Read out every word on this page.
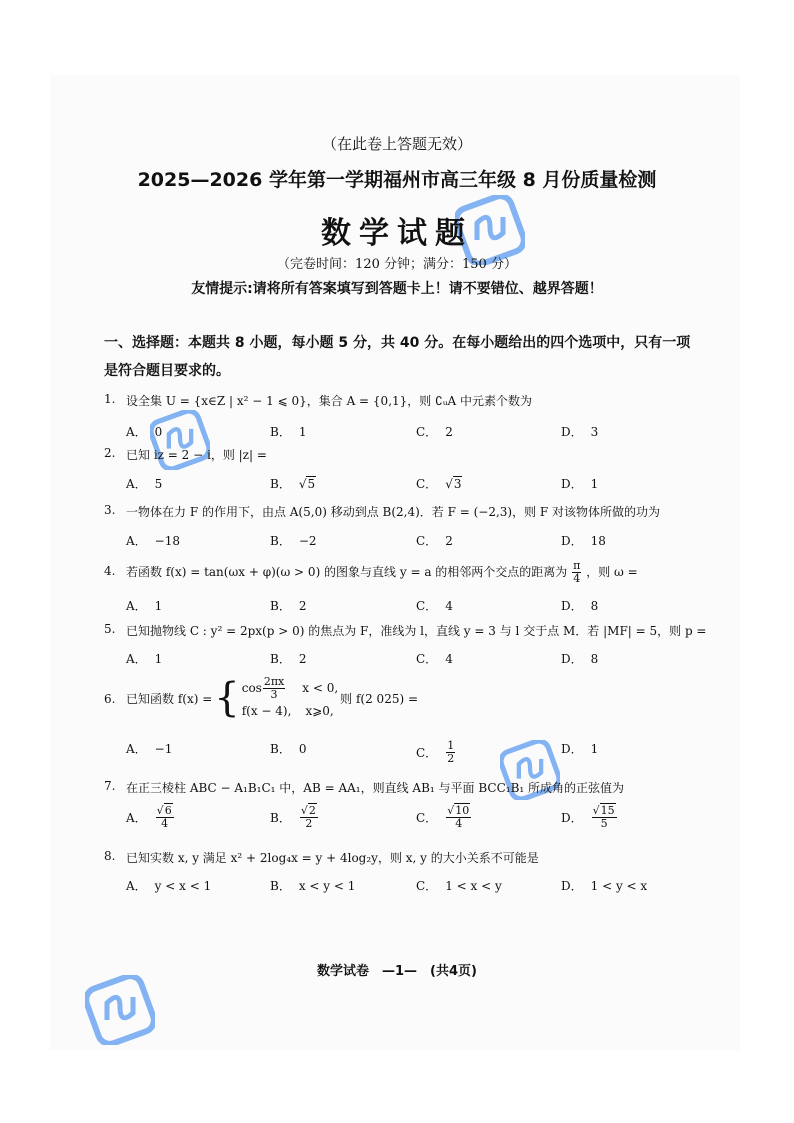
（在此卷上答题无效）
2025—2026 学年第一学期福州市高三年级 8 月份质量检测
数学试题
（完卷时间：120 分钟；满分：150 分）
友情提示:请将所有答案填写到答题卡上！请不要错位、越界答题！
一、选择题：本题共 8 小题，每小题 5 分，共 40 分。在每小题给出的四个选项中，只有一项是符合题目要求的。
1. 设全集 U = {x∈Z | x² − 1 ⩽ 0}，集合 A = {0,1}，则 ∁ᵤA 中元素个数为
A． 0	B． 1	C． 2	D． 3
2. 已知 iz = 2 − i，则 |z| =
A． 5	B． √ 5	C． √ 3	D． 1
3. 一物体在力 F 的作用下，由点 A(5,0) 移动到点 B(2,4)．若 F = (−2,3)，则 F 对该物体所做的功为
A． −18	B． −2	C． 2	D． 18
4. 若函数 f(x) = tan(ωx + φ)(ω > 0) 的图象与直线 y = a 的相邻两个交点的距离为 $\frac{\pi}{4}$ ，则 ω =
A． 1	B． 2	C． 4	D． 8
5. 已知抛物线 C : y² = 2px(p > 0) 的焦点为 F，准线为 l，直线 y = 3 与 l 交于点 M．若 |MF| = 5，则 p =
A． 1	B． 2	C． 4	D． 8
6. 已知函数 f(x) = { $\cos \frac{2\pi x}{3}$ x < 0,
f(x − 4), x⩾0,
则 f(2 025) =
A． −1	B． 0	C． $\frac{1}{2}$	D． 1
7. 在正三棱柱 ABC − A₁B₁C₁ 中，AB = AA₁，则直线 AB₁ 与平面 BCC₁B₁ 所成角的正弦值为
A． $\frac{√6}{4}$	B． $\frac{√2}{2}$	C． $\frac{√10}{4}$	D． $\frac{√15}{5}$
8. 已知实数 x, y 满足 x² + 2log₄x = y + 4log₂y，则 x, y 的大小关系不可能是
A． y < x < 1	B． x < y < 1	C． 1 < x < y	D． 1 < y < x
数学试卷　—1—　(共4页)
